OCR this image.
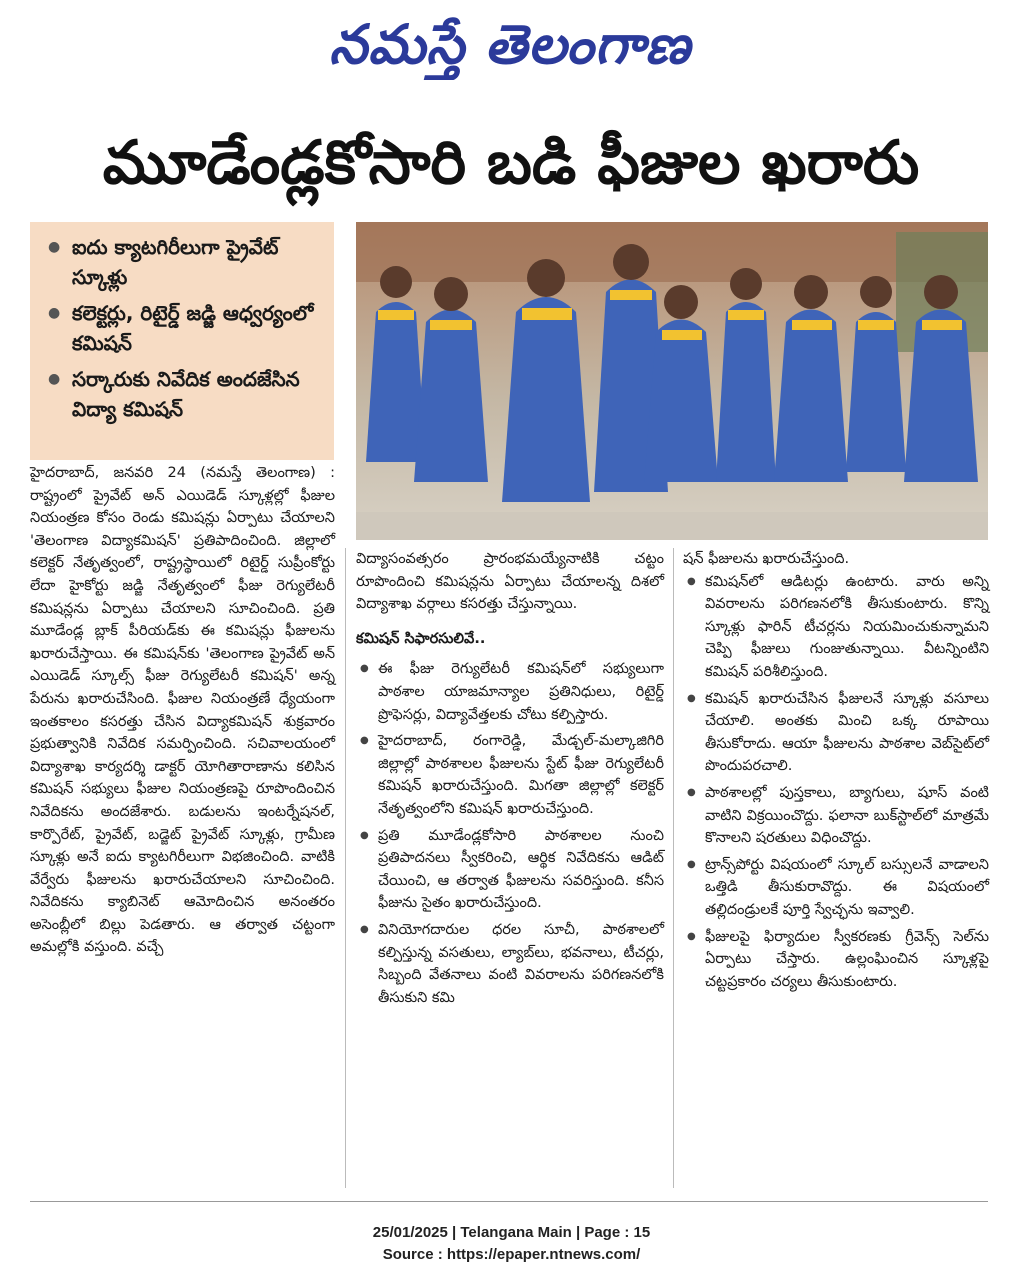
నమస్తే తెలంగాణ
మూడేండ్లకోసారి బడి ఫీజుల ఖరారు
● ఐదు క్యాటగిరీలుగా ప్రైవేట్ స్కూళ్లు
● కలెక్టర్లు, రిటైర్డ్ జడ్జి ఆధ్వర్యంలో కమిషన్
● సర్కారుకు నివేదిక అందజేసిన విద్యా కమిషన్

హైదరాబాద్, జనవరి 24 (నమస్తే తెలంగాణ) : రాష్ట్రంలో ప్రైవేట్ అన్ ఎయిడెడ్ స్కూళ్లల్లో ఫీజుల నియంత్రణ కోసం రెండు కమిషన్లు ఏర్పాటు చేయాలని 'తెలంగాణ విద్యాకమిషన్' ప్రతిపాదించింది. జిల్లాలో కలెక్టర్ నేతృత్వంలో, రాష్ట్రస్థాయిలో రిటైర్డ్ సుప్రీంకోర్టు లేదా హైకోర్టు జడ్జి నేతృత్వంలో ఫీజు రెగ్యులేటరీ కమిషన్లను ఏర్పాటు చేయాలని సూచించింది. ప్రతి మూడేండ్ల బ్లాక్ పీరియడ్‌కు ఈ కమిషన్లు ఫీజులను ఖరారుచేస్తాయి. ఈ కమిషన్‌కు 'తెలంగాణ ప్రైవేట్ అన్ ఎయిడెడ్ స్కూల్స్ ఫీజు రెగ్యులేటరీ కమిషన్' అన్న పేరును ఖరారుచేసింది. ఫీజుల నియంత్రణే ధ్యేయంగా ఇంతకాలం కసరత్తు చేసిన విద్యాకమిషన్ శుక్రవారం ప్రభుత్వానికి నివేదిక సమర్పించింది. సచివాలయంలో విద్యాశాఖ కార్యదర్శి డాక్టర్ యోగితారాణాను కలిసిన కమిషన్ సభ్యులు ఫీజుల నియంత్రణపై రూపొందించిన నివేదికను అందజేశారు. బడులను ఇంటర్నేషనల్, కార్పొరేట్, ప్రైవేట్, బడ్జెట్ ప్రైవేట్ స్కూళ్లు, గ్రామీణ స్కూళ్లు అనే ఐదు క్యాటగిరీలుగా విభజించింది. వాటికి వేర్వేరు ఫీజులను ఖరారుచేయాలని సూచించింది. నివేదికను క్యాబినెట్ ఆమోదించిన అనంతరం అసెంబ్లీలో బిల్లు పెడతారు. ఆ తర్వాత చట్టంగా అమల్లోకి వస్తుంది. వచ్చే

విద్యాసంవత్సరం ప్రారంభమయ్యేనాటికి చట్టం రూపొందించి కమిషన్లను ఏర్పాటు చేయాలన్న దిశలో విద్యాశాఖ వర్గాలు కసరత్తు చేస్తున్నాయి.

కమిషన్ సిఫారసులివే..

● ఈ ఫీజు రెగ్యులేటరీ కమిషన్‌లో సభ్యులుగా పాఠశాల యాజమాన్యాల ప్రతినిధులు, రిటైర్డ్ ప్రొఫెసర్లు, విద్యావేత్తలకు చోటు కల్పిస్తారు.

● హైదరాబాద్, రంగారెడ్డి, మేడ్చల్-మల్కాజిగిరి జిల్లాల్లో పాఠశాలల ఫీజులను స్టేట్ ఫీజు రెగ్యులేటరీ కమిషన్ ఖరారుచేస్తుంది. మిగతా జిల్లాల్లో కలెక్టర్ నేతృత్వంలోని కమిషన్ ఖరారుచేస్తుంది.

● ప్రతి మూడేండ్లకోసారి పాఠశాలల నుంచి ప్రతిపాదనలు స్వీకరించి, ఆర్థిక నివేదికను ఆడిట్ చేయించి, ఆ తర్వాత ఫీజులను సవరిస్తుంది. కనీస ఫీజును సైతం ఖరారుచేస్తుంది.

● వినియోగదారుల ధరల సూచీ, పాఠశాలలో కల్పిస్తున్న వసతులు, ల్యాబ్‌లు, భవనాలు, టీచర్లు, సిబ్బంది వేతనాలు వంటి వివరాలను పరిగణనలోకి తీసుకుని కమి

షన్ ఫీజులను ఖరారుచేస్తుంది.

● కమిషన్‌లో ఆడిటర్లు ఉంటారు. వారు అన్ని వివరాలను పరిగణనలోకి తీసుకుంటారు. కొన్ని స్కూళ్లు ఫారిన్ టీచర్లను నియమించుకున్నామని చెప్పి ఫీజులు గుంజుతున్నాయి. వీటన్నింటిని కమిషన్ పరిశీలిస్తుంది.

● కమిషన్ ఖరారుచేసిన ఫీజులనే స్కూళ్లు వసూలు చేయాలి. అంతకు మించి ఒక్క రూపాయి తీసుకోరాదు. ఆయా ఫీజులను పాఠశాల వెబ్‌సైట్‌లో పొందుపరచాలి.

● పాఠశాలల్లో పుస్తకాలు, బ్యాగులు, షూస్ వంటి వాటిని విక్రయించొద్దు. ఫలానా బుక్‌స్టాల్‌లో మాత్రమే కొనాలని షరతులు విధించొద్దు.

● ట్రాన్స్‌పోర్టు విషయంలో స్కూల్ బస్సులనే వాడాలని ఒత్తిడి తీసుకురావొద్దు. ఈ విషయంలో తల్లిదండ్రులకే పూర్తి స్వేచ్ఛను ఇవ్వాలి.

● ఫీజులపై ఫిర్యాదుల స్వీకరణకు గ్రీవెన్స్ సెల్‌ను ఏర్పాటు చేస్తారు. ఉల్లంఘించిన స్కూళ్లపై చట్టప్రకారం చర్యలు తీసుకుంటారు.

25/01/2025 | Telangana Main | Page : 15
Source : https://epaper.ntnews.com/
